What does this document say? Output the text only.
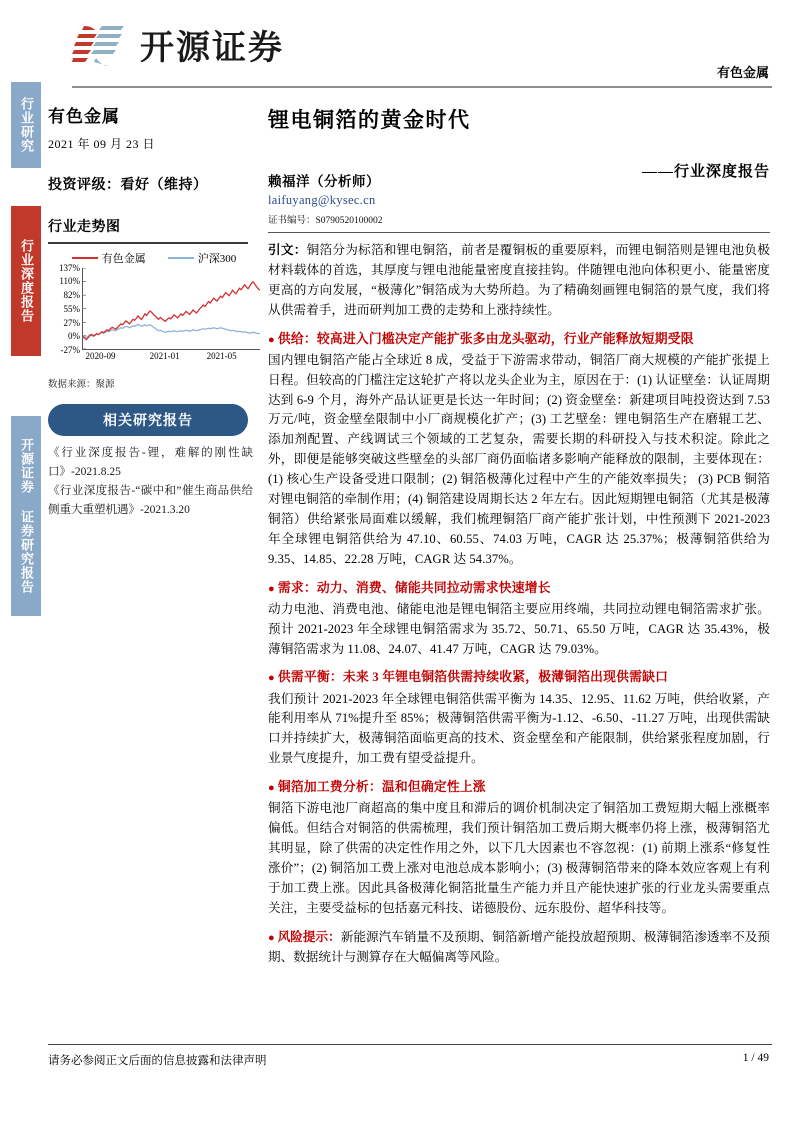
行业研究
行业深度报告
开源证券 证券研究报告
开源证券
有色金属
锂电铜箔的黄金时代
——行业深度报告
有色金属
2021 年 09 月 23 日
投资评级：看好（维持）
行业走势图
有色金属	沪深300
137%
110%
82%
55%
27%
0%
-27%
2020-09	2021-01	2021-05
数据来源：聚源
相关研究报告
《行业深度报告-锂，难解的刚性缺口》-2021.8.25
《行业深度报告-“碳中和”催生商品供给侧重大重塑机遇》-2021.3.20
赖福洋（分析师）
laifuyang@kysec.cn
证书编号：S0790520100002

引文：铜箔分为标箔和锂电铜箔，前者是覆铜板的重要原料，而锂电铜箔则是锂电池负极材料载体的首选，其厚度与锂电池能量密度直接挂钩。伴随锂电池向体积更小、能量密度更高的方向发展，“极薄化”铜箔成为大势所趋。为了精确刻画锂电铜箔的景气度，我们将从供需着手，进而研判加工费的走势和上涨持续性。

● 供给：较高进入门槛决定产能扩张多由龙头驱动，行业产能释放短期受限

国内锂电铜箔产能占全球近 8 成，受益于下游需求带动，铜箔厂商大规模的产能扩张提上日程。但较高的门槛注定这轮扩产将以龙头企业为主，原因在于：(1) 认证壁垒：认证周期达到 6-9 个月，海外产品认证更是长达一年时间；(2) 资金壁垒：新建项目吨投资达到 7.53 万元/吨，资金壁垒限制中小厂商规模化扩产；(3) 工艺壁垒：锂电铜箔生产在磨辊工艺、添加剂配置、产线调试三个领域的工艺复杂，需要长期的科研投入与技术积淀。除此之外，即便是能够突破这些壁垒的头部厂商仍面临诸多影响产能释放的限制，主要体现在：(1) 核心生产设备受进口限制；(2) 铜箔极薄化过程中产生的产能效率损失； (3) PCB 铜箔对锂电铜箔的牵制作用；(4) 铜箔建设周期长达 2 年左右。因此短期锂电铜箔（尤其是极薄铜箔）供给紧张局面难以缓解，我们梳理铜箔厂商产能扩张计划，中性预测下 2021-2023 年全球锂电铜箔供给为 47.10、60.55、74.03 万吨，CAGR 达 25.37%；极薄铜箔供给为 9.35、14.85、22.28 万吨，CAGR 达 54.37%。

● 需求：动力、消费、储能共同拉动需求快速增长

动力电池、消费电池、储能电池是锂电铜箔主要应用终端，共同拉动锂电铜箔需求扩张。预计 2021-2023 年全球锂电铜箔需求为 35.72、50.71、65.50 万吨，CAGR 达 35.43%，极薄铜箔需求为 11.08、24.07、41.47 万吨，CAGR 达 79.03%。

● 供需平衡：未来 3 年锂电铜箔供需持续收紧，极薄铜箔出现供需缺口

我们预计 2021-2023 年全球锂电铜箔供需平衡为 14.35、12.95、11.62 万吨，供给收紧，产能利用率从 71%提升至 85%；极薄铜箔供需平衡为-1.12、-6.50、-11.27 万吨，出现供需缺口并持续扩大，极薄铜箔面临更高的技术、资金壁垒和产能限制，供给紧张程度加剧，行业景气度提升，加工费有望受益提升。

● 铜箔加工费分析：温和但确定性上涨

铜箔下游电池厂商超高的集中度且和滞后的调价机制决定了铜箔加工费短期大幅上涨概率偏低。但结合对铜箔的供需梳理，我们预计铜箔加工费后期大概率仍将上涨，极薄铜箔尤其明显，除了供需的决定性作用之外，以下几大因素也不容忽视：(1) 前期上涨系“修复性涨价”；(2) 铜箔加工费上涨对电池总成本影响小；(3) 极薄铜箔带来的降本效应客观上有利于加工费上涨。因此具备极薄化铜箔批量生产能力并且产能快速扩张的行业龙头需要重点关注，主要受益标的包括嘉元科技、诺德股份、远东股份、超华科技等。

● 风险提示：新能源汽车销量不及预期、铜箔新增产能投放超预期、极薄铜箔渗透率不及预期、数据统计与测算存在大幅偏离等风险。

请务必参阅正文后面的信息披露和法律声明	1 / 49
